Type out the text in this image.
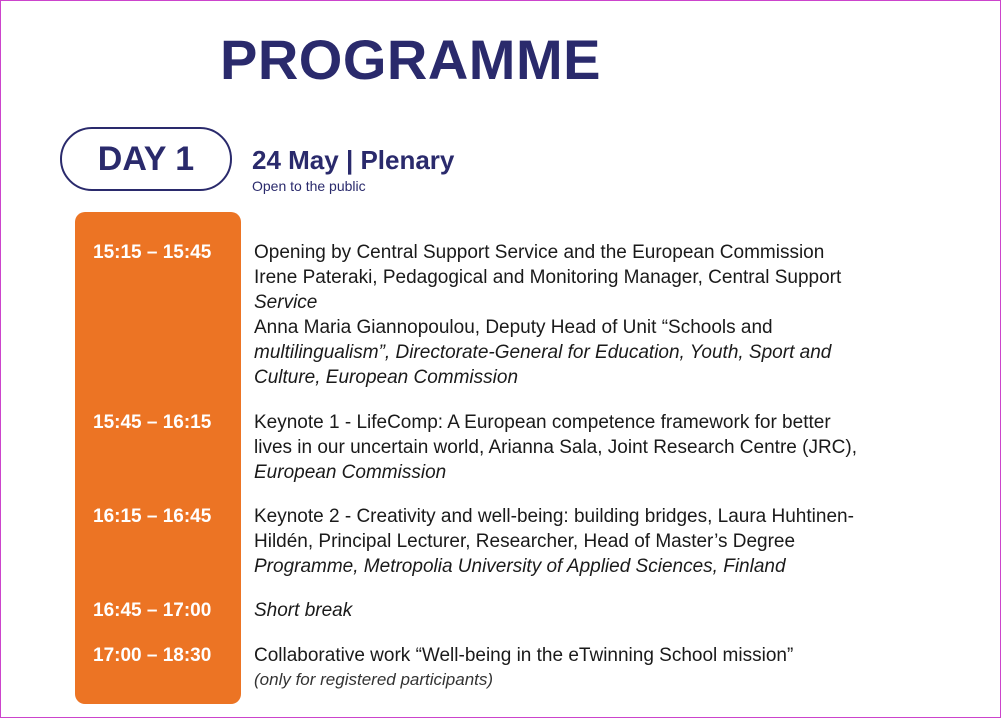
PROGRAMME
DAY 1 24 May | Plenary
Open to the public
15:15 – 15:45	Opening by Central Support Service and the European Commission
Irene Pateraki, Pedagogical and Monitoring Manager, Central Support
Service
Anna Maria Giannopoulou, Deputy Head of Unit “Schools and
multilingualism”, Directorate-General for Education, Youth, Sport and
Culture, European Commission
15:45 – 16:15	Keynote 1 - LifeComp: A European competence framework for better
lives in our uncertain world, Arianna Sala, Joint Research Centre (JRC),
European Commission
16:15 – 16:45	Keynote 2 - Creativity and well-being: building bridges, Laura Huhtinen-
Hildén, Principal Lecturer, Researcher, Head of Master’s Degree
Programme, Metropolia University of Applied Sciences, Finland
16:45 – 17:00	Short break
17:00 – 18:30	Collaborative work “Well-being in the eTwinning School mission”
(only for registered participants)
